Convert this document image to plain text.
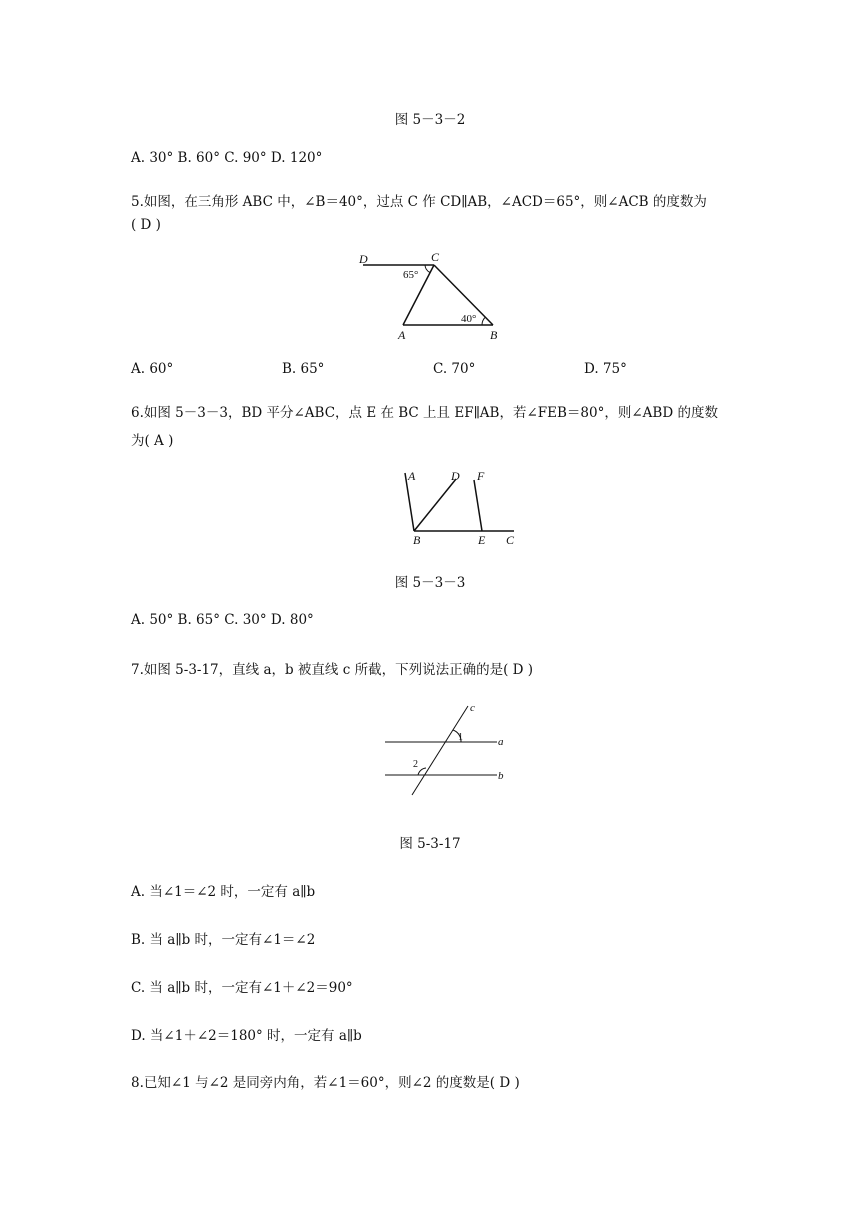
图 5－3－2
A. 30° B. 60° C. 90° D. 120°
5.如图，在三角形 ABC 中，∠B＝40°，过点 C 作 CD∥AB，∠ACD＝65°，则∠ACB 的度数为
( D )
D	C
A	B
65°
40°
A. 60°	B. 65°	C. 70°	D. 75°
6.如图 5－3－3，BD 平分∠ABC，点 E 在 BC 上且 EF∥AB，若∠FEB＝80°，则∠ABD 的度数
为( A )
A	D F
B	E C
图 5－3－3
A. 50° B. 65° C. 30° D. 80°
7.如图 5-3-17，直线 a，b 被直线 c 所截，下列说法正确的是( D )
c
a
b
1
2
图 5-3-17
A. 当∠1＝∠2 时，一定有 a∥b
B. 当 a∥b 时，一定有∠1＝∠2
C. 当 a∥b 时，一定有∠1＋∠2＝90°
D. 当∠1＋∠2＝180° 时，一定有 a∥b
8.已知∠1 与∠2 是同旁内角，若∠1＝60°，则∠2 的度数是( D )
